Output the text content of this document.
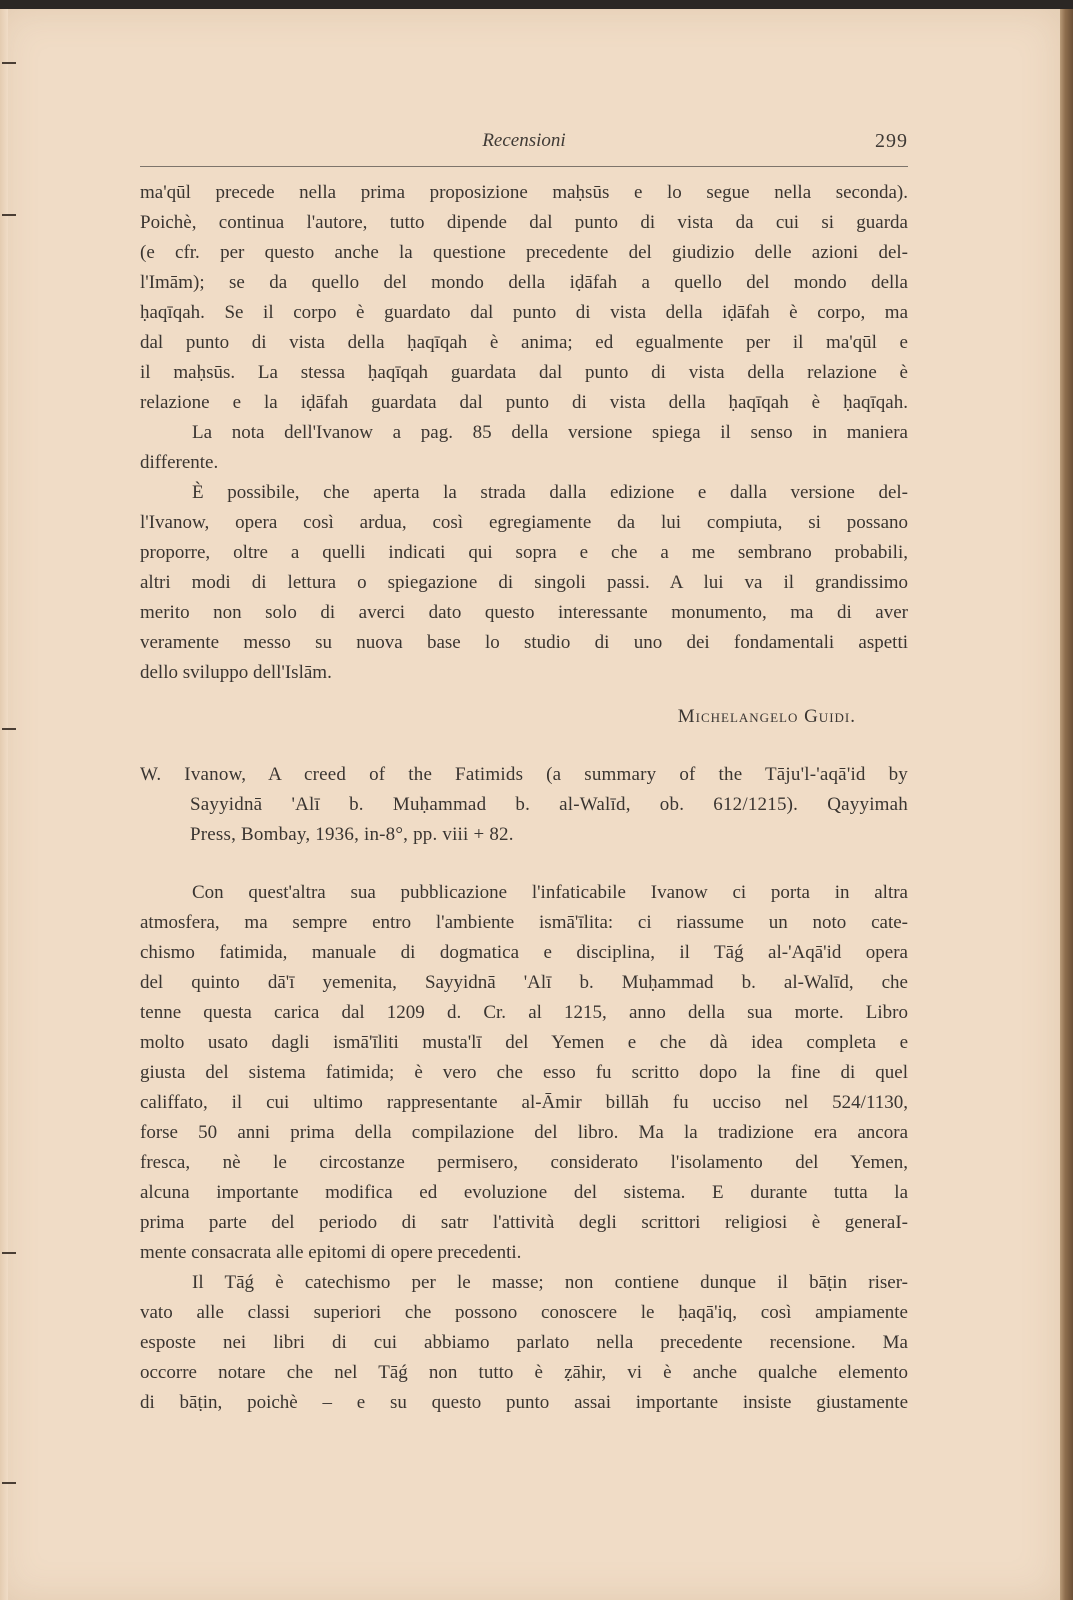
Recensioni	299
ma'qūl precede nella prima proposizione maḥsūs e lo segue nella seconda).
Poichè, continua l'autore, tutto dipende dal punto di vista da cui si guarda
(e cfr. per questo anche la questione precedente del giudizio delle azioni del-
l'Imām); se da quello del mondo della iḍāfah a quello del mondo della
ḥaqīqah. Se il corpo è guardato dal punto di vista della iḍāfah è corpo, ma
dal punto di vista della ḥaqīqah è anima; ed egualmente per il ma'qūl e
il maḥsūs. La stessa ḥaqīqah guardata dal punto di vista della relazione è
relazione e la iḍāfah guardata dal punto di vista della ḥaqīqah è ḥaqīqah.
La nota dell'Ivanow a pag. 85 della versione spiega il senso in maniera
differente.
È possibile, che aperta la strada dalla edizione e dalla versione del-
l'Ivanow, opera così ardua, così egregiamente da lui compiuta, si possano
proporre, oltre a quelli indicati qui sopra e che a me sembrano probabili,
altri modi di lettura o spiegazione di singoli passi. A lui va il grandissimo
merito non solo di averci dato questo interessante monumento, ma di aver
veramente messo su nuova base lo studio di uno dei fondamentali aspetti
dello sviluppo dell'Islām.
Michelangelo Guidi.
W. Ivanow, A creed of the Fatimids (a summary of the Tāju'l-'aqā'id by
Sayyidnā 'Alī b. Muḥammad b. al-Walīd, ob. 612/1215). Qayyimah
Press, Bombay, 1936, in-8°, pp. viii + 82.
Con quest'altra sua pubblicazione l'infaticabile Ivanow ci porta in altra
atmosfera, ma sempre entro l'ambiente ismā'īlita: ci riassume un noto cate-
chismo fatimida, manuale di dogmatica e disciplina, il Tāǵ al-'Aqā'id opera
del quinto dā'ī yemenita, Sayyidnā 'Alī b. Muḥammad b. al-Walīd, che
tenne questa carica dal 1209 d. Cr. al 1215, anno della sua morte. Libro
molto usato dagli ismā'īliti musta'lī del Yemen e che dà idea completa e
giusta del sistema fatimida; è vero che esso fu scritto dopo la fine di quel
califfato, il cui ultimo rappresentante al-Āmir billāh fu ucciso nel 524/1130,
forse 50 anni prima della compilazione del libro. Ma la tradizione era ancora
fresca, nè le circostanze permisero, considerato l'isolamento del Yemen,
alcuna importante modifica ed evoluzione del sistema. E durante tutta la
prima parte del periodo di satr l'attività degli scrittori religiosi è generaI-
mente consacrata alle epitomi di opere precedenti.
Il Tāǵ è catechismo per le masse; non contiene dunque il bāṭin riser-
vato alle classi superiori che possono conoscere le ḥaqā'iq, così ampiamente
esposte nei libri di cui abbiamo parlato nella precedente recensione. Ma
occorre notare che nel Tāǵ non tutto è ẓāhir, vi è anche qualche elemento
di bāṭin, poichè – e su questo punto assai importante insiste giustamente
